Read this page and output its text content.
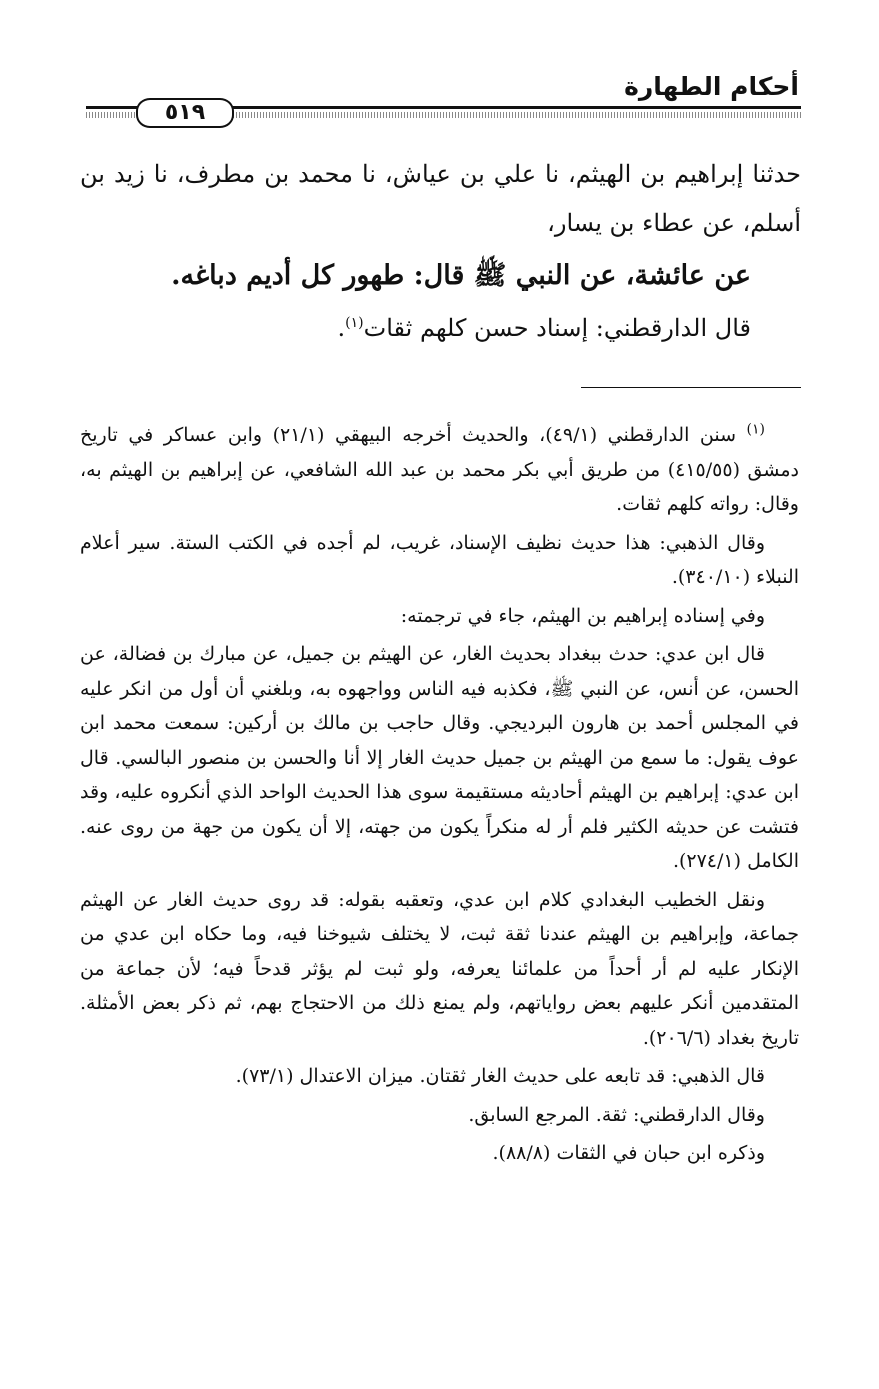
أحكام الطهارة
٥١٩

حدثنا إبراهيم بن الهيثم، نا علي بن عياش، نا محمد بن مطرف، نا زيد بن أسلم، عن عطاء بن يسار،

عن عائشة، عن النبي ﷺ قال: طهور كل أديم دباغه.

قال الدارقطني: إسناد حسن كلهم ثقات$^{(١)}$.

$^{(١)}$ سنن الدارقطني (٤٩/١)، والحديث أخرجه البيهقي (٢١/١) وابن عساكر في تاريخ دمشق (٤١٥/٥٥) من طريق أبي بكر محمد بن عبد الله الشافعي، عن إبراهيم بن الهيثم به، وقال: رواته كلهم ثقات.

وقال الذهبي: هذا حديث نظيف الإسناد، غريب، لم أجده في الكتب الستة. سير أعلام النبلاء (٣٤٠/١٠).

وفي إسناده إبراهيم بن الهيثم، جاء في ترجمته:

قال ابن عدي: حدث ببغداد بحديث الغار، عن الهيثم بن جميل، عن مبارك بن فضالة، عن الحسن، عن أنس، عن النبي ﷺ، فكذبه فيه الناس وواجهوه به، وبلغني أن أول من انكر عليه في المجلس أحمد بن هارون البرديجي. وقال حاجب بن مالك بن أركين: سمعت محمد ابن عوف يقول: ما سمع من الهيثم بن جميل حديث الغار إلا أنا والحسن بن منصور البالسي. قال ابن عدي: إبراهيم بن الهيثم أحاديثه مستقيمة سوى هذا الحديث الواحد الذي أنكروه عليه، وقد فتشت عن حديثه الكثير فلم أر له منكراً يكون من جهته، إلا أن يكون من جهة من روى عنه. الكامل (٢٧٤/١).

ونقل الخطيب البغدادي كلام ابن عدي، وتعقبه بقوله: قد روى حديث الغار عن الهيثم جماعة، وإبراهيم بن الهيثم عندنا ثقة ثبت، لا يختلف شيوخنا فيه، وما حكاه ابن عدي من الإنكار عليه لم أر أحداً من علمائنا يعرفه، ولو ثبت لم يؤثر قدحاً فيه؛ لأن جماعة من المتقدمين أنكر عليهم بعض رواياتهم، ولم يمنع ذلك من الاحتجاج بهم، ثم ذكر بعض الأمثلة. تاريخ بغداد (٢٠٦/٦).

قال الذهبي: قد تابعه على حديث الغار ثقتان. ميزان الاعتدال (٧٣/١).

وقال الدارقطني: ثقة. المرجع السابق.

وذكره ابن حبان في الثقات (٨٨/٨).
